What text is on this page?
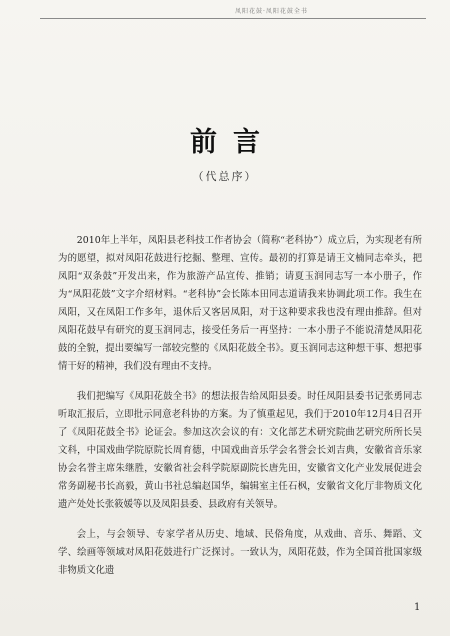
凤阳花鼓·凤阳花鼓全书
前言
（代总序）

2010年上半年，凤阳县老科技工作者协会（简称“老科协”）成立后，为实现老有所为的愿望，拟对凤阳花鼓进行挖掘、整理、宣传。最初的打算是请王文楠同志牵头，把凤阳“双条鼓”开发出来，作为旅游产品宣传、推销；请夏玉润同志写一本小册子，作为“凤阳花鼓”文字介绍材料。“老科协”会长陈本田同志道请我来协调此项工作。我生在凤阳，又在凤阳工作多年，退休后又客居凤阳，对于这种要求我也没有理由推辞。但对凤阳花鼓早有研究的夏玉润同志，接受任务后一再坚持：一本小册子不能说清楚凤阳花鼓的全貌，提出要编写一部较完整的《凤阳花鼓全书》。夏玉润同志这种想干事、想把事情干好的精神，我们没有理由不支持。

我们把编写《凤阳花鼓全书》的想法报告给凤阳县委。时任凤阳县委书记张勇同志听取汇报后，立即批示同意老科协的方案。为了慎重起见，我们于2010年12月4日召开了《凤阳花鼓全书》论证会。参加这次会议的有：文化部艺术研究院曲艺研究所所长吴文科，中国戏曲学院原院长周育德，中国戏曲音乐学会名誉会长刘吉典，安徽省音乐家协会名誉主席朱继胜，安徽省社会科学院原副院长唐先田，安徽省文化产业发展促进会常务副秘书长高毅，黄山书社总编赵国华，编辑室主任石枫，安徽省文化厅非物质文化遗产处处长张筱媛等以及凤阳县委、县政府有关领导。

会上，与会领导、专家学者从历史、地域、民俗角度，从戏曲、音乐、舞蹈、文学、绘画等领域对凤阳花鼓进行广泛探讨。一致认为，凤阳花鼓，作为全国首批国家级非物质文化遗

1
